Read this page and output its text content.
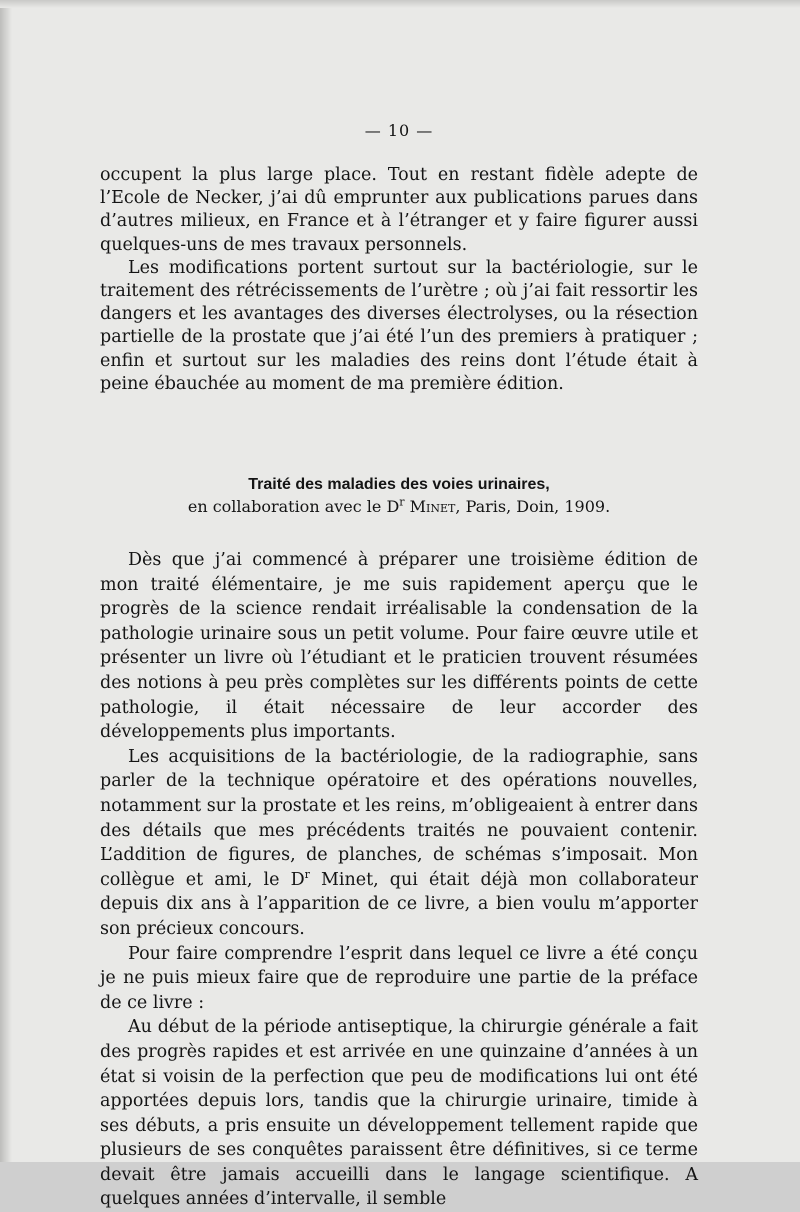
— 10 —

occupent la plus large place. Tout en restant fidèle adepte de l’Ecole de Necker, j’ai dû emprunter aux publications parues dans d’autres milieux, en France et à l’étranger et y faire figurer aussi quelques-uns de mes travaux personnels.

Les modifications portent surtout sur la bactériologie, sur le traitement des rétrécissements de l’urètre ; où j’ai fait ressortir les dangers et les avantages des diverses électrolyses, ou la résection partielle de la prostate que j’ai été l’un des premiers à pratiquer ; enfin et surtout sur les maladies des reins dont l’étude était à peine ébauchée au moment de ma première édition.

Traité des maladies des voies urinaires,

en collaboration avec le $D^r$ Minet, Paris, Doin, 1909.

Dès que j’ai commencé à préparer une troisième édition de mon traité élémentaire, je me suis rapidement aperçu que le progrès de la science rendait irréalisable la condensation de la pathologie urinaire sous un petit volume. Pour faire œuvre utile et présenter un livre où l’étudiant et le praticien trouvent résumées des notions à peu près complètes sur les différents points de cette pathologie, il était nécessaire de leur accorder des développements plus importants.

Les acquisitions de la bactériologie, de la radiographie, sans parler de la technique opératoire et des opérations nouvelles, notamment sur la prostate et les reins, m’obligeaient à entrer dans des détails que mes précédents traités ne pouvaient contenir. L’addition de figures, de planches, de schémas s’imposait. Mon collègue et ami, le $D^r$ Minet, qui était déjà mon collaborateur depuis dix ans à l’apparition de ce livre, a bien voulu m’apporter son précieux concours.

Pour faire comprendre l’esprit dans lequel ce livre a été conçu je ne puis mieux faire que de reproduire une partie de la préface de ce livre :

Au début de la période antiseptique, la chirurgie générale a fait des progrès rapides et est arrivée en une quinzaine d’années à un état si voisin de la perfection que peu de modifications lui ont été apportées depuis lors, tandis que la chirurgie urinaire, timide à ses débuts, a pris ensuite un développement tellement rapide que plusieurs de ses conquêtes paraissent être définitives, si ce terme devait être jamais accueilli dans le langage scientifique. A quelques années d’intervalle, il semble
